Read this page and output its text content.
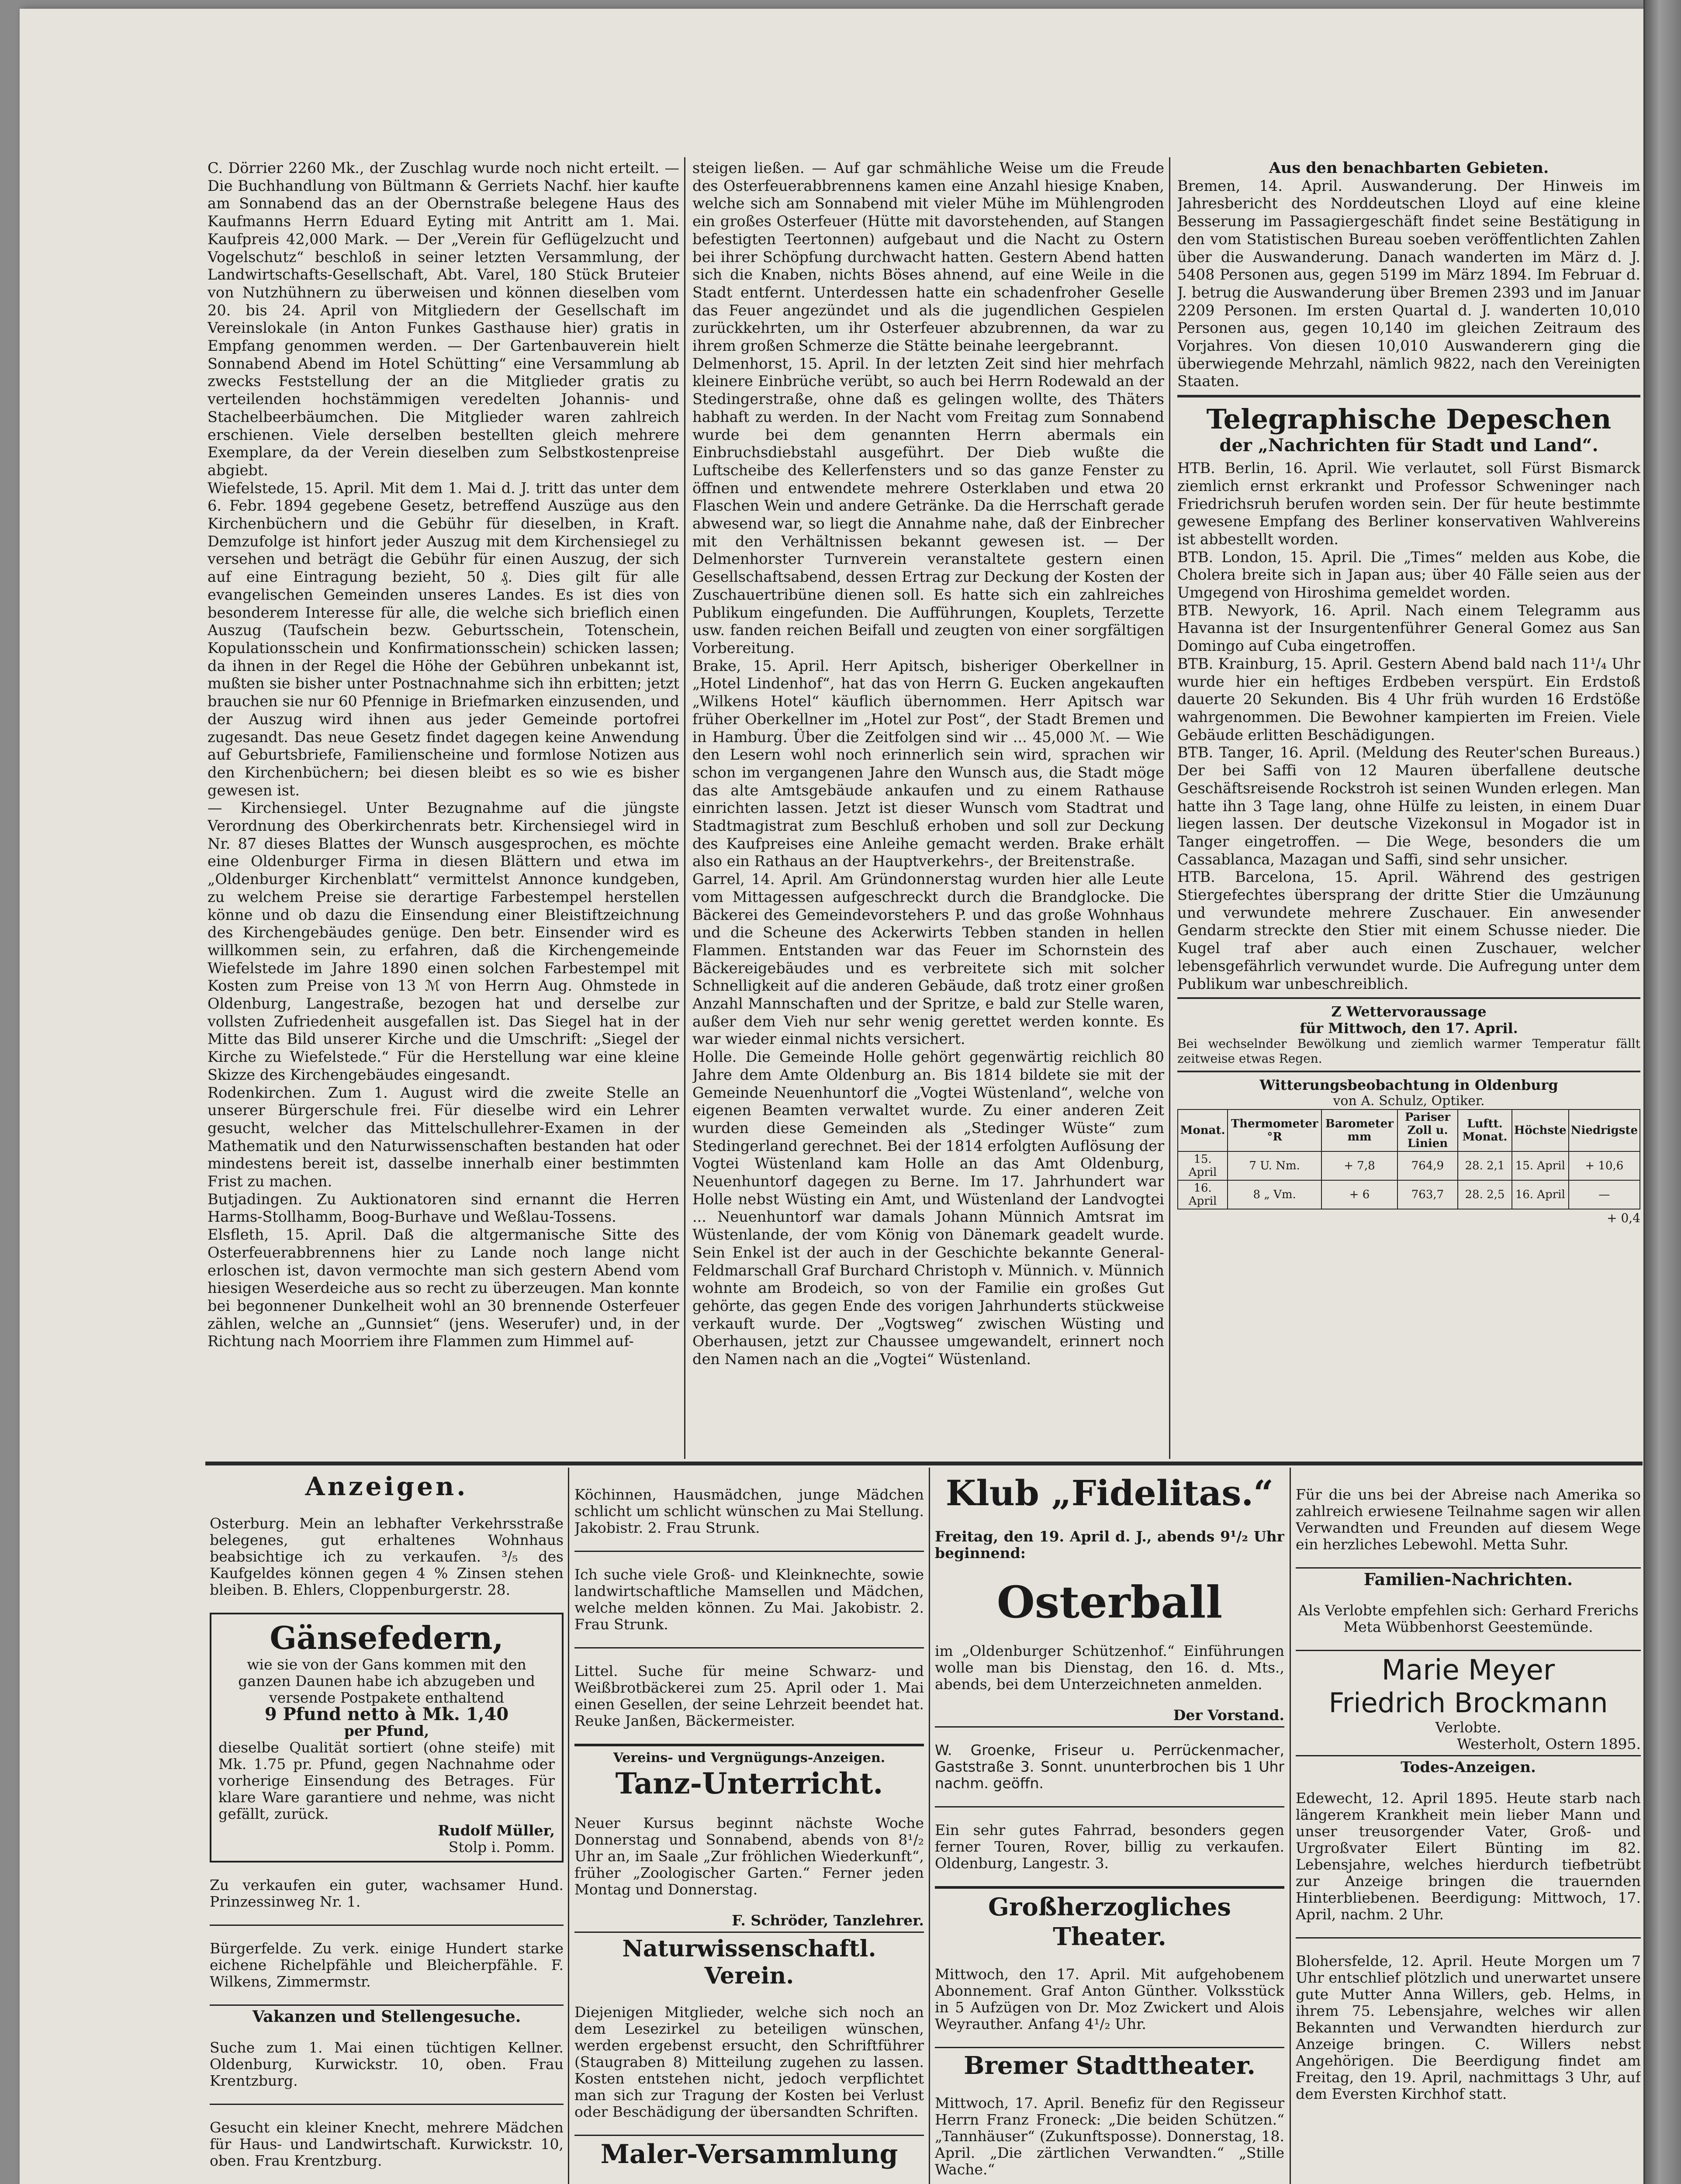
C. Dörrier 2260 Mk., der Zuschlag wurde noch nicht erteilt. — Die Buchhandlung von Bültmann & Gerriets Nachf. hier kaufte am Sonnabend das an der Obernstraße belegene Haus des Kaufmanns Herrn Eduard Eyting mit Antritt am 1. Mai. Kaufpreis 42,000 Mark. — Der „Verein für Geflügelzucht und Vogelschutz“ beschloß in seiner letzten Versammlung, der Landwirtschafts-Gesellschaft, Abt. Varel, 180 Stück Bruteier von Nutzhühnern zu überweisen und können dieselben vom 20. bis 24. April von Mitgliedern der Gesellschaft im Vereinslokale (in Anton Funkes Gasthause hier) gratis in Empfang genommen werden. — Der Gartenbauverein hielt Sonnabend Abend im Hotel Schütting“ eine Versammlung ab zwecks Feststellung der an die Mitglieder gratis zu verteilenden hochstämmigen veredelten Johannis- und Stachelbeerbäumchen. Die Mitglieder waren zahlreich erschienen. Viele derselben bestellten gleich mehrere Exemplare, da der Verein dieselben zum Selbstkostenpreise abgiebt.

Wiefelstede, 15. April. Mit dem 1. Mai d. J. tritt das unter dem 6. Febr. 1894 gegebene Gesetz, betreffend Auszüge aus den Kirchenbüchern und die Gebühr für dieselben, in Kraft. Demzufolge ist hinfort jeder Auszug mit dem Kirchensiegel zu versehen und beträgt die Gebühr für einen Auszug, der sich auf eine Eintragung bezieht, 50 ₰. Dies gilt für alle evangelischen Gemeinden unseres Landes. Es ist dies von besonderem Interesse für alle, die welche sich brieflich einen Auszug (Taufschein bezw. Geburtsschein, Totenschein, Kopulationsschein und Konfirmationsschein) schicken lassen; da ihnen in der Regel die Höhe der Gebühren unbekannt ist, mußten sie bisher unter Postnachnahme sich ihn erbitten; jetzt brauchen sie nur 60 Pfennige in Briefmarken einzusenden, und der Auszug wird ihnen aus jeder Gemeinde portofrei zugesandt. Das neue Gesetz findet dagegen keine Anwendung auf Geburtsbriefe, Familienscheine und formlose Notizen aus den Kirchenbüchern; bei diesen bleibt es so wie es bisher gewesen ist.

— Kirchensiegel. Unter Bezugnahme auf die jüngste Verordnung des Oberkirchenrats betr. Kirchensiegel wird in Nr. 87 dieses Blattes der Wunsch ausgesprochen, es möchte eine Oldenburger Firma in diesen Blättern und etwa im „Oldenburger Kirchenblatt“ vermittelst Annonce kundgeben, zu welchem Preise sie derartige Farbestempel herstellen könne und ob dazu die Einsendung einer Bleistiftzeichnung des Kirchengebäudes genüge. Den betr. Einsender wird es willkommen sein, zu erfahren, daß die Kirchengemeinde Wiefelstede im Jahre 1890 einen solchen Farbestempel mit Kosten zum Preise von 13 ℳ von Herrn Aug. Ohmstede in Oldenburg, Langestraße, bezogen hat und derselbe zur vollsten Zufriedenheit ausgefallen ist. Das Siegel hat in der Mitte das Bild unserer Kirche und die Umschrift: „Siegel der Kirche zu Wiefelstede.“ Für die Herstellung war eine kleine Skizze des Kirchengebäudes eingesandt.

Rodenkirchen. Zum 1. August wird die zweite Stelle an unserer Bürgerschule frei. Für dieselbe wird ein Lehrer gesucht, welcher das Mittelschullehrer-Examen in der Mathematik und den Naturwissenschaften bestanden hat oder mindestens bereit ist, dasselbe innerhalb einer bestimmten Frist zu machen.

Butjadingen. Zu Auktionatoren sind ernannt die Herren Harms-Stollhamm, Boog-Burhave und Weßlau-Tossens.

Elsfleth, 15. April. Daß die altgermanische Sitte des Osterfeuerabbrennens hier zu Lande noch lange nicht erloschen ist, davon vermochte man sich gestern Abend vom hiesigen Weserdeiche aus so recht zu überzeugen. Man konnte bei begonnener Dunkelheit wohl an 30 brennende Osterfeuer zählen, welche an „Gunnsiet“ (jens. Weserufer) und, in der Richtung nach Moorriem ihre Flammen zum Himmel auf-

steigen ließen. — Auf gar schmähliche Weise um die Freude des Osterfeuerabbrennens kamen eine Anzahl hiesige Knaben, welche sich am Sonnabend mit vieler Mühe im Mühlengroden ein großes Osterfeuer (Hütte mit davorstehenden, auf Stangen befestigten Teertonnen) aufgebaut und die Nacht zu Ostern bei ihrer Schöpfung durchwacht hatten. Gestern Abend hatten sich die Knaben, nichts Böses ahnend, auf eine Weile in die Stadt entfernt. Unterdessen hatte ein schadenfroher Geselle das Feuer angezündet und als die jugendlichen Gespielen zurückkehrten, um ihr Osterfeuer abzubrennen, da war zu ihrem großen Schmerze die Stätte beinahe leergebrannt.

Delmenhorst, 15. April. In der letzten Zeit sind hier mehrfach kleinere Einbrüche verübt, so auch bei Herrn Rodewald an der Stedingerstraße, ohne daß es gelingen wollte, des Thäters habhaft zu werden. In der Nacht vom Freitag zum Sonnabend wurde bei dem genannten Herrn abermals ein Einbruchsdiebstahl ausgeführt. Der Dieb wußte die Luftscheibe des Kellerfensters und so das ganze Fenster zu öffnen und entwendete mehrere Osterklaben und etwa 20 Flaschen Wein und andere Getränke. Da die Herrschaft gerade abwesend war, so liegt die Annahme nahe, daß der Einbrecher mit den Verhältnissen bekannt gewesen ist. — Der Delmenhorster Turnverein veranstaltete gestern einen Gesellschaftsabend, dessen Ertrag zur Deckung der Kosten der Zuschauertribüne dienen soll. Es hatte sich ein zahlreiches Publikum eingefunden. Die Aufführungen, Kouplets, Terzette usw. fanden reichen Beifall und zeugten von einer sorgfältigen Vorbereitung.

Brake, 15. April. Herr Apitsch, bisheriger Oberkellner in „Hotel Lindenhof“, hat das von Herrn G. Eucken angekauften „Wilkens Hotel“ käuflich übernommen. Herr Apitsch war früher Oberkellner im „Hotel zur Post“, der Stadt Bremen und in Hamburg. Über die Zeitfolgen sind wir ... 45,000 ℳ. — Wie den Lesern wohl noch erinnerlich sein wird, sprachen wir schon im vergangenen Jahre den Wunsch aus, die Stadt möge das alte Amtsgebäude ankaufen und zu einem Rathause einrichten lassen. Jetzt ist dieser Wunsch vom Stadtrat und Stadtmagistrat zum Beschluß erhoben und soll zur Deckung des Kaufpreises eine Anleihe gemacht werden. Brake erhält also ein Rathaus an der Hauptverkehrs-, der Breitenstraße.

Garrel, 14. April. Am Gründonnerstag wurden hier alle Leute vom Mittagessen aufgeschreckt durch die Brandglocke. Die Bäckerei des Gemeindevorstehers P. und das große Wohnhaus und die Scheune des Ackerwirts Tebben standen in hellen Flammen. Entstanden war das Feuer im Schornstein des Bäckereigebäudes und es verbreitete sich mit solcher Schnelligkeit auf die anderen Gebäude, daß trotz einer großen Anzahl Mannschaften und der Spritze, e bald zur Stelle waren, außer dem Vieh nur sehr wenig gerettet werden konnte. Es war wieder einmal nichts versichert.

Holle. Die Gemeinde Holle gehört gegenwärtig reichlich 80 Jahre dem Amte Oldenburg an. Bis 1814 bildete sie mit der Gemeinde Neuenhuntorf die „Vogtei Wüstenland“, welche von eigenen Beamten verwaltet wurde. Zu einer anderen Zeit wurden diese Gemeinden als „Stedinger Wüste“ zum Stedingerland gerechnet. Bei der 1814 erfolgten Auflösung der Vogtei Wüstenland kam Holle an das Amt Oldenburg, Neuenhuntorf dagegen zu Berne. Im 17. Jahrhundert war Holle nebst Wüsting ein Amt, und Wüstenland der Landvogtei ... Neuenhuntorf war damals Johann Münnich Amtsrat im Wüstenlande, der vom König von Dänemark geadelt wurde. Sein Enkel ist der auch in der Geschichte bekannte General-Feldmarschall Graf Burchard Christoph v. Münnich. v. Münnich wohnte am Brodeich, so von der Familie ein großes Gut gehörte, das gegen Ende des vorigen Jahrhunderts stückweise verkauft wurde. Der „Vogtsweg“ zwischen Wüsting und Oberhausen, jetzt zur Chaussee umgewandelt, erinnert noch den Namen nach an die „Vogtei“ Wüstenland.

Aus den benachbarten Gebieten.

Bremen, 14. April. Auswanderung. Der Hinweis im Jahresbericht des Norddeutschen Lloyd auf eine kleine Besserung im Passagiergeschäft findet seine Bestätigung in den vom Statistischen Bureau soeben veröffentlichten Zahlen über die Auswanderung. Danach wanderten im März d. J. 5408 Personen aus, gegen 5199 im März 1894. Im Februar d. J. betrug die Auswanderung über Bremen 2393 und im Januar 2209 Personen. Im ersten Quartal d. J. wanderten 10,010 Personen aus, gegen 10,140 im gleichen Zeitraum des Vorjahres. Von diesen 10,010 Auswanderern ging die überwiegende Mehrzahl, nämlich 9822, nach den Vereinigten Staaten.

Telegraphische Depeschen
der „Nachrichten für Stadt und Land“.

HTB. Berlin, 16. April. Wie verlautet, soll Fürst Bismarck ziemlich ernst erkrankt und Professor Schweninger nach Friedrichsruh berufen worden sein. Der für heute bestimmte gewesene Empfang des Berliner konservativen Wahlvereins ist abbestellt worden.

BTB. London, 15. April. Die „Times“ melden aus Kobe, die Cholera breite sich in Japan aus; über 40 Fälle seien aus der Umgegend von Hiroshima gemeldet worden.

BTB. Newyork, 16. April. Nach einem Telegramm aus Havanna ist der Insurgentenführer General Gomez aus San Domingo auf Cuba eingetroffen.

BTB. Krainburg, 15. April. Gestern Abend bald nach 11¹/₄ Uhr wurde hier ein heftiges Erdbeben verspürt. Ein Erdstoß dauerte 20 Sekunden. Bis 4 Uhr früh wurden 16 Erdstöße wahrgenommen. Die Bewohner kampierten im Freien. Viele Gebäude erlitten Beschädigungen.

BTB. Tanger, 16. April. (Meldung des Reuter'schen Bureaus.) Der bei Saffi von 12 Mauren überfallene deutsche Geschäftsreisende Rockstroh ist seinen Wunden erlegen. Man hatte ihn 3 Tage lang, ohne Hülfe zu leisten, in einem Duar liegen lassen. Der deutsche Vizekonsul in Mogador ist in Tanger eingetroffen. — Die Wege, besonders die um Cassablanca, Mazagan und Saffi, sind sehr unsicher.

HTB. Barcelona, 15. April. Während des gestrigen Stiergefechtes übersprang der dritte Stier die Umzäunung und verwundete mehrere Zuschauer. Ein anwesender Gendarm streckte den Stier mit einem Schusse nieder. Die Kugel traf aber auch einen Zuschauer, welcher lebensgefährlich verwundet wurde. Die Aufregung unter dem Publikum war unbeschreiblich.

Z Wettervoraussage
für Mittwoch, den 17. April.

Bei wechselnder Bewölkung und ziemlich warmer Temperatur fällt zeitweise etwas Regen.

Witterungsbeobachtung in Oldenburg
von A. Schulz, Optiker.
Monat.	Thermometer °R	Barometer mm	Pariser Zoll u. Linien	Luftt. Monat.	Höchste	Niedrigste
15. April	7 U. Nm.	+ 7,8	764,9	28. 2,1	15. April	+ 10,6
16. April	8 „ Vm.	+ 6	763,7	28. 2,5	16. April	—
+ 0,4
Anzeigen.

Osterburg. Mein an lebhafter Verkehrsstraße belegenes, gut erhaltenes Wohnhaus beabsichtige ich zu verkaufen. ³/₅ des Kaufgeldes können gegen 4 % Zinsen stehen bleiben. B. Ehlers, Cloppenburgerstr. 28.

Gänsefedern,
wie sie von der Gans kommen mit den ganzen Daunen habe ich abzugeben und versende Postpakete enthaltend
9 Pfund netto à Mk. 1,40
per Pfund,
dieselbe Qualität sortiert (ohne steife) mit Mk. 1.75 pr. Pfund, gegen Nachnahme oder vorherige Einsendung des Betrages. Für klare Ware garantiere und nehme, was nicht gefällt, zurück.
Rudolf Müller,
Stolp i. Pomm.

Zu verkaufen ein guter, wachsamer Hund. Prinzessinweg Nr. 1.

Bürgerfelde. Zu verk. einige Hundert starke eichene Richelpfähle und Bleicherpfähle. F. Wilkens, Zimmermstr.

Vakanzen und Stellengesuche.

Suche zum 1. Mai einen tüchtigen Kellner. Oldenburg, Kurwickstr. 10, oben. Frau Krentzburg.

Gesucht ein kleiner Knecht, mehrere Mädchen für Haus- und Landwirtschaft. Kurwickstr. 10, oben. Frau Krentzburg.

Köchinnen, Hausmädchen, junge Mädchen schlicht um schlicht wünschen zu Mai Stellung. Jakobistr. 2. Frau Strunk.

Ich suche viele Groß- und Kleinknechte, sowie landwirtschaftliche Mamsellen und Mädchen, welche melden können. Zu Mai. Jakobistr. 2. Frau Strunk.

Littel. Suche für meine Schwarz- und Weißbrotbäckerei zum 25. April oder 1. Mai einen Gesellen, der seine Lehrzeit beendet hat. Reuke Janßen, Bäckermeister.

Vereins- und Vergnügungs-Anzeigen.
Tanz-Unterricht.

Neuer Kursus beginnt nächste Woche Donnerstag und Sonnabend, abends von 8¹/₂ Uhr an, im Saale „Zur fröhlichen Wiederkunft“, früher „Zoologischer Garten.“ Ferner jeden Montag und Donnerstag.

F. Schröder, Tanzlehrer.
Naturwissenschaftl. Verein.

Diejenigen Mitglieder, welche sich noch an dem Lesezirkel zu beteiligen wünschen, werden ergebenst ersucht, den Schriftführer (Staugraben 8) Mitteilung zugehen zu lassen. Kosten entstehen nicht, jedoch verpflichtet man sich zur Tragung der Kosten bei Verlust oder Beschädigung der übersandten Schriften.

Maler-Versammlung

Klub „Fidelitas.“

Freitag, den 19. April d. J., abends 9¹/₂ Uhr beginnend:

Osterball

im „Oldenburger Schützenhof.“ Einführungen wolle man bis Dienstag, den 16. d. Mts., abends, bei dem Unterzeichneten anmelden.

Der Vorstand.

W. Groenke, Friseur u. Perrückenmacher, Gaststraße 3. Sonnt. ununterbrochen bis 1 Uhr nachm. geöffn.

Ein sehr gutes Fahrrad, besonders gegen ferner Touren, Rover, billig zu verkaufen. Oldenburg, Langestr. 3.

Großherzogliches Theater.

Mittwoch, den 17. April. Mit aufgehobenem Abonnement. Graf Anton Günther. Volksstück in 5 Aufzügen von Dr. Moz Zwickert und Alois Weyrauther. Anfang 4¹/₂ Uhr.

Bremer Stadttheater.

Mittwoch, 17. April. Benefiz für den Regisseur Herrn Franz Froneck: „Die beiden Schützen.“ „Tannhäuser“ (Zukunftsposse). Donnerstag, 18. April. „Die zärtlichen Verwandten.“ „Stille Wache.“

Für die uns bei der Abreise nach Amerika so zahlreich erwiesene Teilnahme sagen wir allen Verwandten und Freunden auf diesem Wege ein herzliches Lebewohl. Metta Suhr.

Familien-Nachrichten.

Als Verlobte empfehlen sich: Gerhard Frerichs Meta Wübbenhorst Geestemünde.

Marie Meyer
Friedrich Brockmann
Verlobte.
Westerholt, Ostern 1895.
Todes-Anzeigen.

Edewecht, 12. April 1895. Heute starb nach längerem Krankheit mein lieber Mann und unser treusorgender Vater, Groß- und Urgroßvater Eilert Bünting im 82. Lebensjahre, welches hierdurch tiefbetrübt zur Anzeige bringen die trauernden Hinterbliebenen. Beerdigung: Mittwoch, 17. April, nachm. 2 Uhr.

Blohersfelde, 12. April. Heute Morgen um 7 Uhr entschlief plötzlich und unerwartet unsere gute Mutter Anna Willers, geb. Helms, in ihrem 75. Lebensjahre, welches wir allen Bekannten und Verwandten hierdurch zur Anzeige bringen. C. Willers nebst Angehörigen. Die Beerdigung findet am Freitag, den 19. April, nachmittags 3 Uhr, auf dem Eversten Kirchhof statt.
